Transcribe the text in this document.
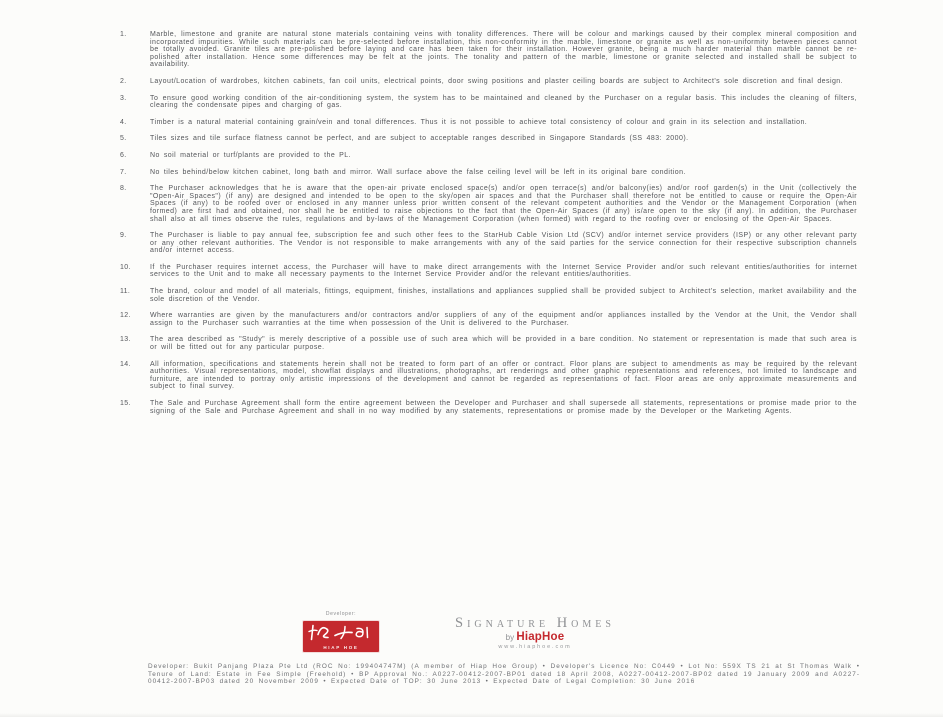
1.	Marble, limestone and granite are natural stone materials containing veins with tonality differences. There will be colour and markings caused by their complex mineral composition and incorporated impurities. While such materials can be pre-selected before installation, this non-conformity in the marble, limestone or granite as well as non-uniformity between pieces cannot be totally avoided. Granite tiles are pre-polished before laying and care has been taken for their installation. However granite, being a much harder material than marble cannot be re-polished after installation. Hence some differences may be felt at the joints. The tonality and pattern of the marble, limestone or granite selected and installed shall be subject to availability.
2.	Layout/Location of wardrobes, kitchen cabinets, fan coil units, electrical points, door swing positions and plaster ceiling boards are subject to Architect's sole discretion and final design.
3.	To ensure good working condition of the air-conditioning system, the system has to be maintained and cleaned by the Purchaser on a regular basis. This includes the cleaning of filters, clearing the condensate pipes and charging of gas.
4.	Timber is a natural material containing grain/vein and tonal differences. Thus it is not possible to achieve total consistency of colour and grain in its selection and installation.
5.	Tiles sizes and tile surface flatness cannot be perfect, and are subject to acceptable ranges described in Singapore Standards (SS 483: 2000).
6.	No soil material or turf/plants are provided to the PL.
7.	No tiles behind/below kitchen cabinet, long bath and mirror. Wall surface above the false ceiling level will be left in its original bare condition.
8.	The Purchaser acknowledges that he is aware that the open-air private enclosed space(s) and/or open terrace(s) and/or balcony(ies) and/or roof garden(s) in the Unit (collectively the "Open-Air Spaces") (if any) are designed and intended to be open to the sky/open air spaces and that the Purchaser shall therefore not be entitled to cause or require the Open-Air Spaces (if any) to be roofed over or enclosed in any manner unless prior written consent of the relevant competent authorities and the Vendor or the Management Corporation (when formed) are first had and obtained, nor shall he be entitled to raise objections to the fact that the Open-Air Spaces (if any) is/are open to the sky (if any). In addition, the Purchaser shall also at all times observe the rules, regulations and by-laws of the Management Corporation (when formed) with regard to the roofing over or enclosing of the Open-Air Spaces.
9.	The Purchaser is liable to pay annual fee, subscription fee and such other fees to the StarHub Cable Vision Ltd (SCV) and/or internet service providers (ISP) or any other relevant party or any other relevant authorities. The Vendor is not responsible to make arrangements with any of the said parties for the service connection for their respective subscription channels and/or internet access.
10.	If the Purchaser requires internet access, the Purchaser will have to make direct arrangements with the Internet Service Provider and/or such relevant entities/authorities for internet services to the Unit and to make all necessary payments to the Internet Service Provider and/or the relevant entities/authorities.
11.	The brand, colour and model of all materials, fittings, equipment, finishes, installations and appliances supplied shall be provided subject to Architect's selection, market availability and the sole discretion of the Vendor.
12.	Where warranties are given by the manufacturers and/or contractors and/or suppliers of any of the equipment and/or appliances installed by the Vendor at the Unit, the Vendor shall assign to the Purchaser such warranties at the time when possession of the Unit is delivered to the Purchaser.
13.	The area described as "Study" is merely descriptive of a possible use of such area which will be provided in a bare condition. No statement or representation is made that such area is or will be fitted out for any particular purpose.
14.	All information, specifications and statements herein shall not be treated to form part of an offer or contract. Floor plans are subject to amendments as may be required by the relevant authorities. Visual representations, model, showflat displays and illustrations, photographs, art renderings and other graphic representations and references, not limited to landscape and furniture, are intended to portray only artistic impressions of the development and cannot be regarded as representations of fact. Floor areas are only approximate measurements and subject to final survey.
15.	The Sale and Purchase Agreement shall form the entire agreement between the Developer and Purchaser and shall supersede all statements, representations or promise made prior to the signing of the Sale and Purchase Agreement and shall in no way modified by any statements, representations or promise made by the Developer or the Marketing Agents.
Developer:
HIAP HOE
Signature Homes
by HiapHoe
www.hiaphoe.com
Developer: Bukit Panjang Plaza Pte Ltd (ROC No: 199404747M) (A member of Hiap Hoe Group) • Developer's Licence No: C0449 • Lot No: 559X TS 21 at St Thomas Walk • Tenure of Land: Estate in Fee Simple (Freehold) • BP Approval No.: A0227-00412-2007-BP01 dated 18 April 2008, A0227-00412-2007-BP02 dated 19 January 2009 and A0227-00412-2007-BP03 dated 20 November 2009 • Expected Date of TOP: 30 June 2013 • Expected Date of Legal Completion: 30 June 2016
